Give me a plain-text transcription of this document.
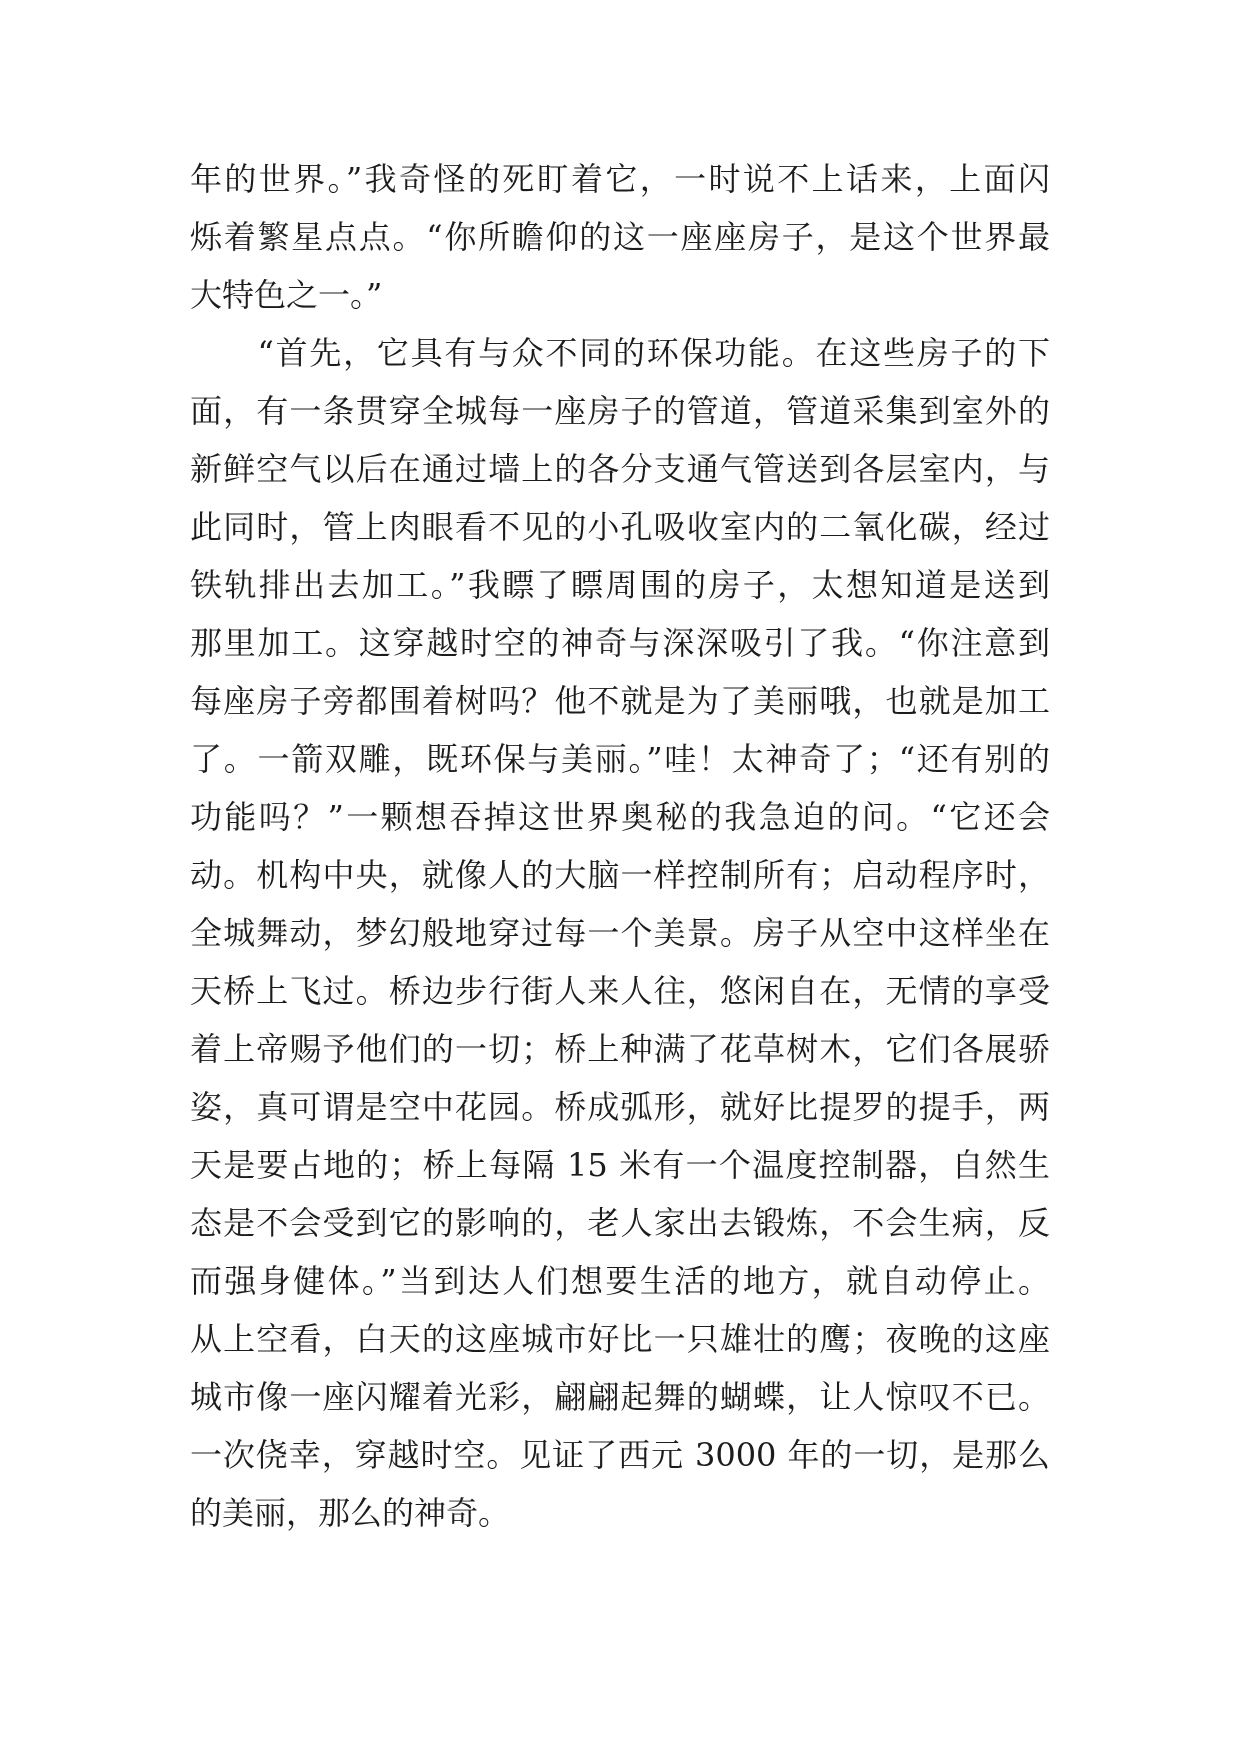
年的世界。”我奇怪的死盯着它，一时说不上话来，上面闪
烁着繁星点点。“你所瞻仰的这一座座房子，是这个世界最
大特色之一。”
　　“首先，它具有与众不同的环保功能。在这些房子的下
面，有一条贯穿全城每一座房子的管道，管道采集到室外的
新鲜空气以后在通过墙上的各分支通气管送到各层室内，与
此同时，管上肉眼看不见的小孔吸收室内的二氧化碳，经过
铁轨排出去加工。”我瞟了瞟周围的房子，太想知道是送到
那里加工。这穿越时空的神奇与深深吸引了我。“你注意到
每座房子旁都围着树吗？他不就是为了美丽哦，也就是加工
了。一箭双雕，既环保与美丽。”哇！太神奇了；“还有别的
功能吗？”一颗想吞掉这世界奥秘的我急迫的问。“它还会
动。机构中央，就像人的大脑一样控制所有；启动程序时，
全城舞动，梦幻般地穿过每一个美景。房子从空中这样坐在
天桥上飞过。桥边步行街人来人往，悠闲自在，无情的享受
着上帝赐予他们的一切；桥上种满了花草树木，它们各展骄
姿，真可谓是空中花园。桥成弧形，就好比提罗的提手，两
天是要占地的；桥上每隔 15 米有一个温度控制器，自然生
态是不会受到它的影响的，老人家出去锻炼，不会生病，反
而强身健体。”当到达人们想要生活的地方，就自动停止。
从上空看，白天的这座城市好比一只雄壮的鹰；夜晚的这座
城市像一座闪耀着光彩，翩翩起舞的蝴蝶，让人惊叹不已。
一次侥幸，穿越时空。见证了西元 3000 年的一切，是那么
的美丽，那么的神奇。
